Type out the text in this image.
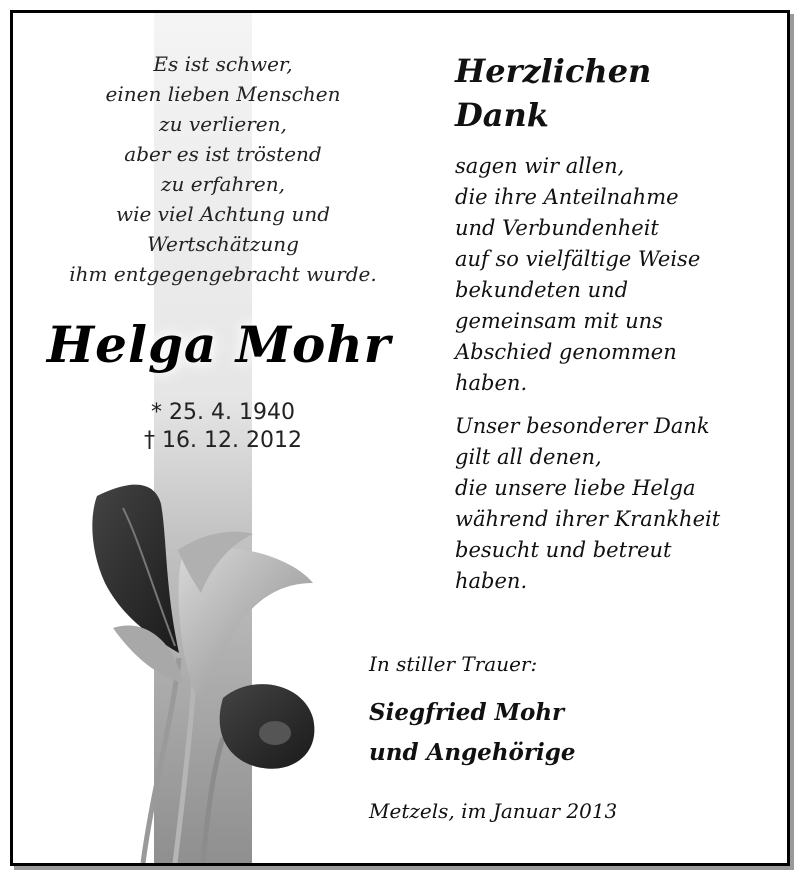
Es ist schwer,
einen lieben Menschen
zu verlieren,
aber es ist tröstend
zu erfahren,
wie viel Achtung und
Wertschätzung
ihm entgegengebracht wurde.
Helga Mohr
* 25. 4. 1940
† 16. 12. 2012
Herzlichen
Dank
sagen wir allen,
die ihre Anteilnahme
und Verbundenheit
auf so vielfältige Weise
bekundeten und
gemeinsam mit uns
Abschied genommen
haben.
Unser besonderer Dank
gilt all denen,
die unsere liebe Helga
während ihrer Krankheit
besucht und betreut
haben.
In stiller Trauer:
Siegfried Mohr
und Angehörige
Metzels, im Januar 2013
